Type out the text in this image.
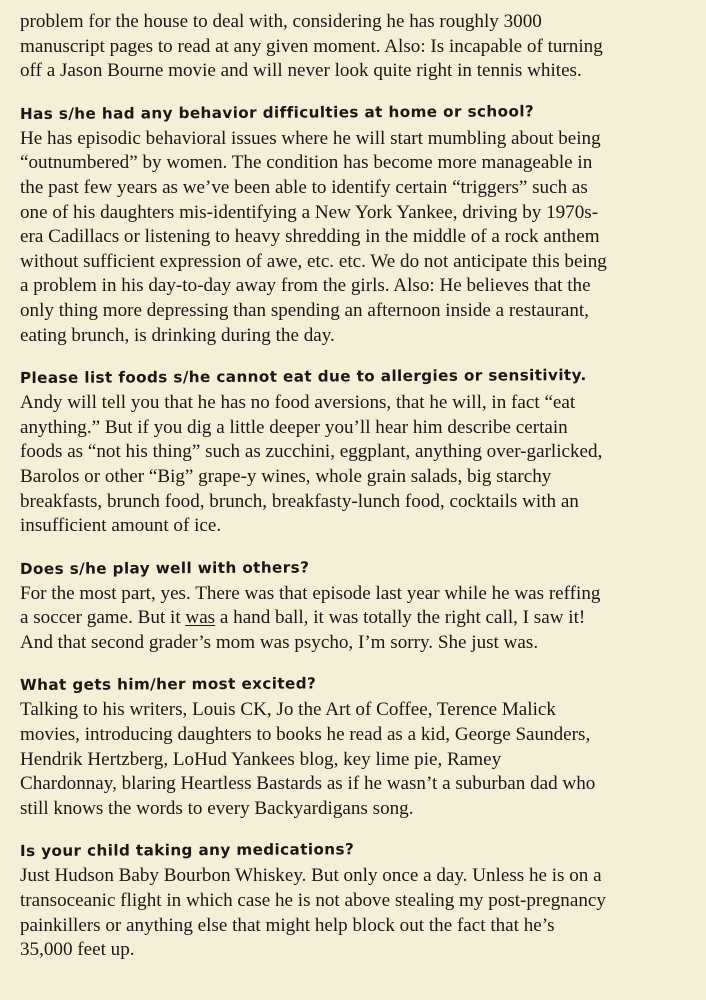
problem for the house to deal with, considering he has roughly 3000
manuscript pages to read at any given moment. Also: Is incapable of turning
off a Jason Bourne movie and will never look quite right in tennis whites.

Has s/he had any behavior difficulties at home or school?

He has episodic behavioral issues where he will start mumbling about being
“outnumbered” by women. The condition has become more manageable in
the past few years as we’ve been able to identify certain “triggers” such as
one of his daughters mis-identifying a New York Yankee, driving by 1970s-
era Cadillacs or listening to heavy shredding in the middle of a rock anthem
without sufficient expression of awe, etc. etc. We do not anticipate this being
a problem in his day-to-day away from the girls. Also: He believes that the
only thing more depressing than spending an afternoon inside a restaurant,
eating brunch, is drinking during the day.

Please list foods s/he cannot eat due to allergies or sensitivity.

Andy will tell you that he has no food aversions, that he will, in fact “eat
anything.” But if you dig a little deeper you’ll hear him describe certain
foods as “not his thing” such as zucchini, eggplant, anything over-garlicked,
Barolos or other “Big” grape-y wines, whole grain salads, big starchy
breakfasts, brunch food, brunch, breakfasty-lunch food, cocktails with an
insufficient amount of ice.

Does s/he play well with others?

For the most part, yes. There was that episode last year while he was reffing
a soccer game. But it was a hand ball, it was totally the right call, I saw it!
And that second grader’s mom was psycho, I’m sorry. She just was.

What gets him/her most excited?

Talking to his writers, Louis CK, Jo the Art of Coffee, Terence Malick
movies, introducing daughters to books he read as a kid, George Saunders,
Hendrik Hertzberg, LoHud Yankees blog, key lime pie, Ramey
Chardonnay, blaring Heartless Bastards as if he wasn’t a suburban dad who
still knows the words to every Backyardigans song.

Is your child taking any medications?

Just Hudson Baby Bourbon Whiskey. But only once a day. Unless he is on a
transoceanic flight in which case he is not above stealing my post-pregnancy
painkillers or anything else that might help block out the fact that he’s
35,000 feet up.
